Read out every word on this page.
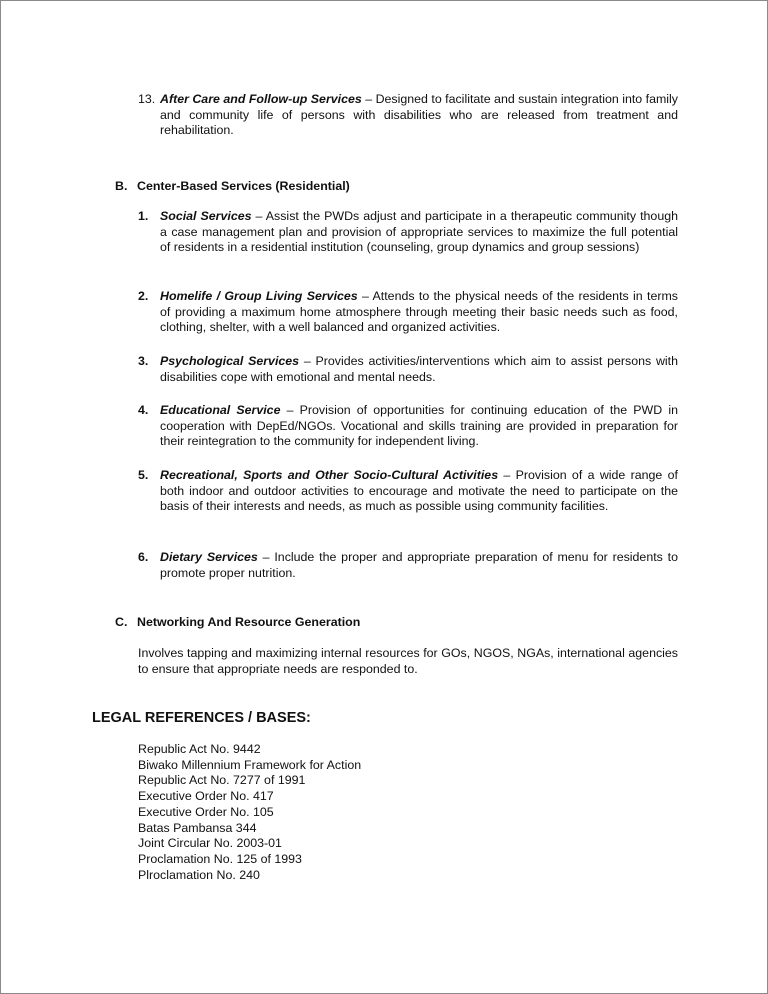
13. After Care and Follow-up Services – Designed to facilitate and sustain integration into family and community life of persons with disabilities who are released from treatment and rehabilitation.
B. Center-Based Services (Residential)
1. Social Services – Assist the PWDs adjust and participate in a therapeutic community though a case management plan and provision of appropriate services to maximize the full potential of residents in a residential institution (counseling, group dynamics and group sessions)
2. Homelife / Group Living Services – Attends to the physical needs of the residents in terms of providing a maximum home atmosphere through meeting their basic needs such as food, clothing, shelter, with a well balanced and organized activities.
3. Psychological Services – Provides activities/interventions which aim to assist persons with disabilities cope with emotional and mental needs.
4. Educational Service – Provision of opportunities for continuing education of the PWD in cooperation with DepEd/NGOs. Vocational and skills training are provided in preparation for their reintegration to the community for independent living.
5. Recreational, Sports and Other Socio-Cultural Activities – Provision of a wide range of both indoor and outdoor activities to encourage and motivate the need to participate on the basis of their interests and needs, as much as possible using community facilities.
6. Dietary Services – Include the proper and appropriate preparation of menu for residents to promote proper nutrition.
C. Networking And Resource Generation
Involves tapping and maximizing internal resources for GOs, NGOS, NGAs, international agencies to ensure that appropriate needs are responded to.
LEGAL REFERENCES / BASES:
Republic Act No. 9442
Biwako Millennium Framework for Action
Republic Act No. 7277 of 1991
Executive Order No. 417
Executive Order No. 105
Batas Pambansa 344
Joint Circular No. 2003-01
Proclamation No. 125 of 1993
Plroclamation No. 240
